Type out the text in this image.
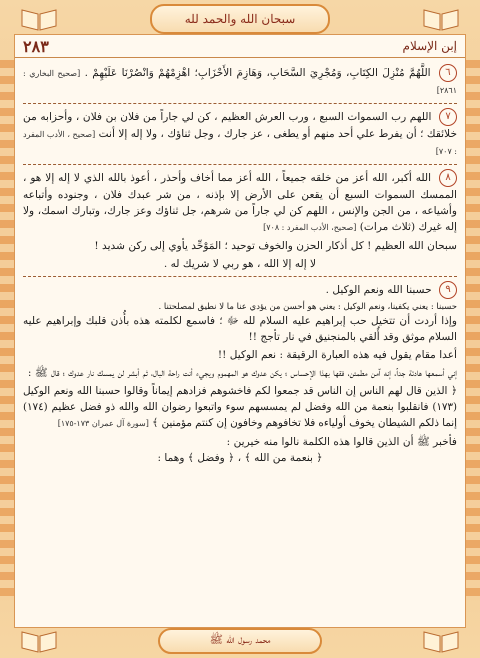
سبحان الله والحمد لله
٢٨٣	إبن الإسلام
٦ اللَّهُمَّ مُنْزِلَ الكِتَابِ، وَمُجْرِيَ السَّحَابِ، وَهَازِمَ الأَحْزَابِ؛ اهْزِمْهُمْ وَانْصُرْنَا عَلَيْهِمْ . [صحيح البخاري : ٢٨٦١]
٧ اللهم رب السموات السبع ، ورب العرش العظيم ، كن لي جاراً من فلان بن فلان ، وأحزابه من خلائقك ؛ أن يفرط علي أحد منهم أو يطغى ، عز جارك ، وجل ثناؤك ، ولا إله إلا أنت [صحيح ، الأدب المفرد : ٧٠٧]
٨ الله أكبر، الله أعز من خلقه جميعاً ، الله أعز مما أخاف وأحذر ، أعوذ بالله الذي لا إله إلا هو ، الممسك السموات السبع أن يقعن على الأرض إلا بإذنه ، من شر عبدك فلان ، وجنوده وأتباعه وأشياعه ، من الجن والإنس ، اللهم كن لي جاراً من شرهم، جل ثناؤك وعز جارك، وتبارك اسمك، ولا إله غيرك (ثلاث مرات) [صحيح، الأدب المفرد : ٧٠٨]
سبحان الله العظيم ! كل أذكار الحزن والخوف توحيد ؛ المَوْحِّد يأوي إلى ركن شديد !
لا إله إلا الله ، هو ربي لا شريك له .
٩ حسبنا الله ونعم الوكيل .
حسبنا : يعني يكفينا، ونعم الوكيل : يعني هو أحسن من يؤدي عنا ما لا نطيق لمصلحتنا .
وإذا أردت أن تتخيل حب إبراهيم عليه السلام لله ﷻ ؛ فاسمع لكلمته هذه بأُذن قلبك وإبراهيم عليه السلام موثق وقد أُلقي بالمنجنيق في نار تأجج !!
أعدا مقام يقول فيه هذه العبارة الرقيقة : نعم الوكيل !!
إني أسمعها هادئة جداً، إنه آمن مطمئن، فقها بهذا الإحساس ؛ يكن عدوك هو المهموم ويجيء أنت راحة البال، ثم أبشر لن يمسك نار عدوك ؛ قال ﷺ :
﴿ الذين قال لهم الناس إن الناس قد جمعوا لكم فاخشوهم فزادهم إيماناً وقالوا حسبنا الله ونعم الوكيل (١٧٣) فانقلبوا بنعمة من الله وفضل لم يمسسهم سوء واتبعوا رضوان الله والله ذو فضل عظيم (١٧٤) إنما ذلكم الشيطان يخوف أولياءه فلا تخافوهم وخافون إن كنتم مؤمنين ﴾ [سورة آل عمران ١٧٣-١٧٥]
فأخبر ﷺ أن الذين قالوا هذه الكلمة نالوا منه خيرين :
﴿ بنعمة من الله ﴾ ، ﴿ وفضل ﴾ وهما :
محمد رسول الله ﷺ
